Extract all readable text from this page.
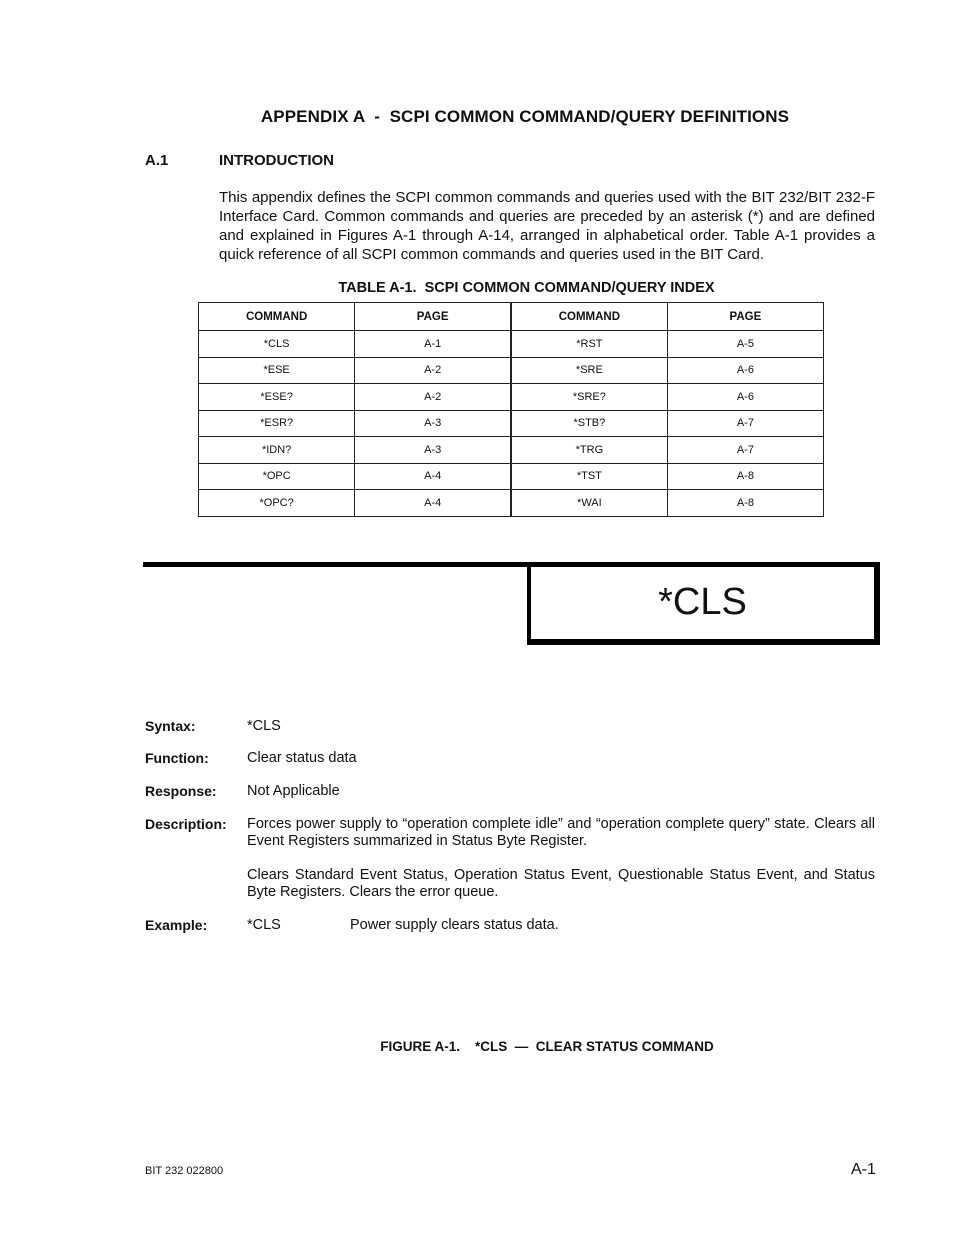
APPENDIX A  -  SCPI COMMON COMMAND/QUERY DEFINITIONS
A.1	INTRODUCTION
This appendix defines the SCPI common commands and queries used with the BIT 232/BIT 232-F Interface Card. Common commands and queries are preceded by an asterisk (*) and are defined and explained in Figures A-1 through A-14, arranged in alphabetical order. Table A-1 provides a quick reference of all SCPI common commands and queries used in the BIT Card.
TABLE A-1.  SCPI COMMON COMMAND/QUERY INDEX
COMMAND	PAGE	COMMAND	PAGE
*CLS	A-1	*RST	A-5
*ESE	A-2	*SRE	A-6
*ESE?	A-2	*SRE?	A-6
*ESR?	A-3	*STB?	A-7
*IDN?	A-3	*TRG	A-7
*OPC	A-4	*TST	A-8
*OPC?	A-4	*WAI	A-8
*CLS
Syntax:	*CLS
Function:	Clear status data
Response: Not Applicable
Description: Forces power supply to “operation complete idle” and “operation complete query” state. Clears all Event Registers summarized in Status Byte Register.
Clears Standard Event Status, Operation Status Event, Questionable Status Event, and Status Byte Registers. Clears the error queue.
Example:	*CLS	Power supply clears status data.
FIGURE A-1.    *CLS  —  CLEAR STATUS COMMAND
BIT 232 022800	A-1
